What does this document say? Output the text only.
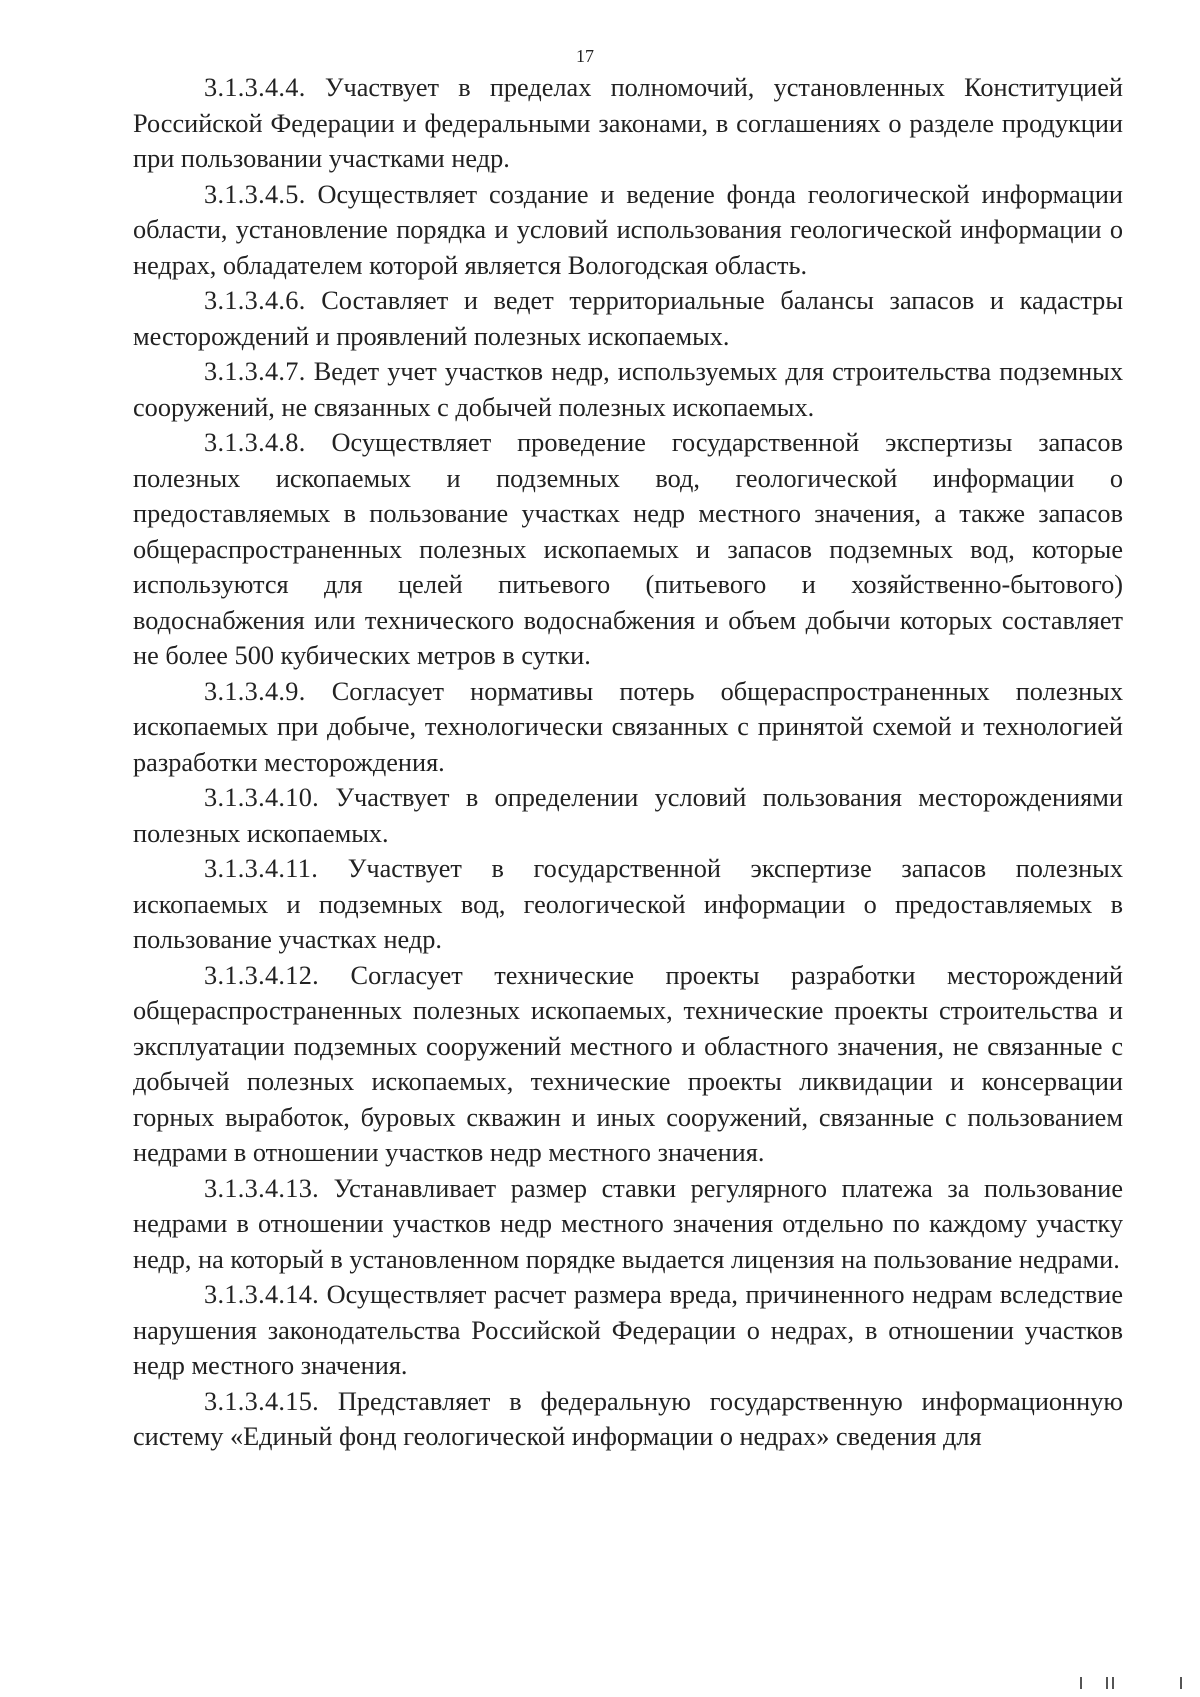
17

3.1.3.4.4. Участвует в пределах полномочий, установленных Конституцией Российской Федерации и федеральными законами, в соглашениях о разделе продукции при пользовании участками недр.

3.1.3.4.5. Осуществляет создание и ведение фонда геологической информации области, установление порядка и условий использования геологической информации о недрах, обладателем которой является Вологодская область.

3.1.3.4.6. Составляет и ведет территориальные балансы запасов и кадастры месторождений и проявлений полезных ископаемых.

3.1.3.4.7. Ведет учет участков недр, используемых для строительства подземных сооружений, не связанных с добычей полезных ископаемых.

3.1.3.4.8. Осуществляет проведение государственной экспертизы запасов полезных ископаемых и подземных вод, геологической информации о предоставляемых в пользование участках недр местного значения, а также запасов общераспространенных полезных ископаемых и запасов подземных вод, которые используются для целей питьевого (питьевого и хозяйственно-бытового) водоснабжения или технического водоснабжения и объем добычи которых составляет не более 500 кубических метров в сутки.

3.1.3.4.9. Согласует нормативы потерь общераспространенных полезных ископаемых при добыче, технологически связанных с принятой схемой и технологией разработки месторождения.

3.1.3.4.10. Участвует в определении условий пользования месторождениями полезных ископаемых.

3.1.3.4.11. Участвует в государственной экспертизе запасов полезных ископаемых и подземных вод, геологической информации о предоставляемых в пользование участках недр.

3.1.3.4.12. Согласует технические проекты разработки месторождений общераспространенных полезных ископаемых, технические проекты строительства и эксплуатации подземных сооружений местного и областного значения, не связанные с добычей полезных ископаемых, технические проекты ликвидации и консервации горных выработок, буровых скважин и иных сооружений, связанные с пользованием недрами в отношении участков недр местного значения.

3.1.3.4.13. Устанавливает размер ставки регулярного платежа за пользование недрами в отношении участков недр местного значения отдельно по каждому участку недр, на который в установленном порядке выдается лицензия на пользование недрами.

3.1.3.4.14. Осуществляет расчет размера вреда, причиненного недрам вследствие нарушения законодательства Российской Федерации о недрах, в отношении участков недр местного значения.

3.1.3.4.15. Представляет в федеральную государственную информационную систему «Единый фонд геологической информации о недрах» сведения для
